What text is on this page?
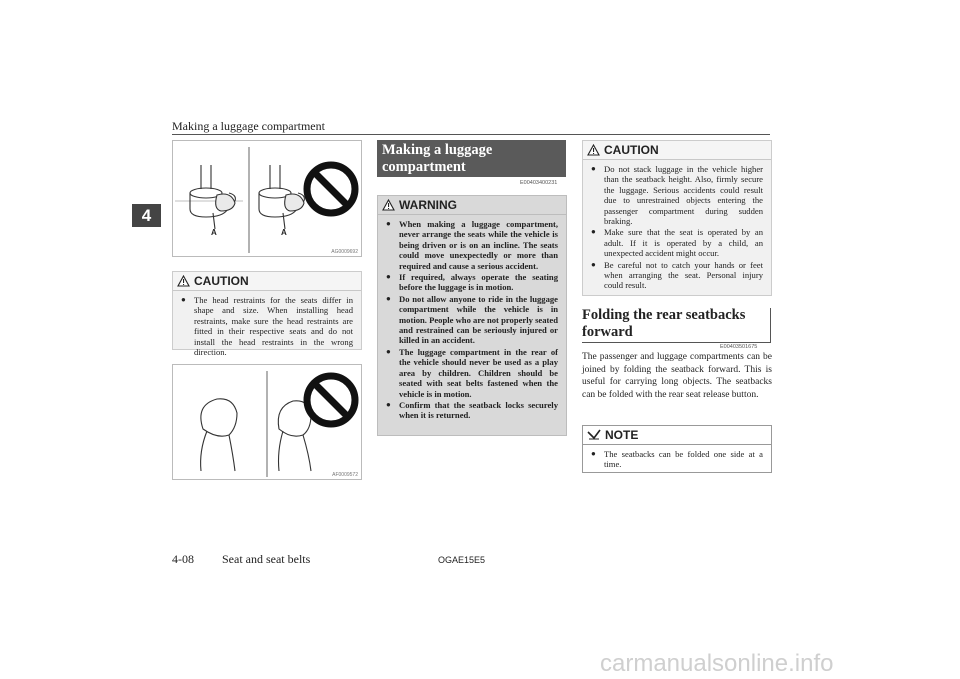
Making a luggage compartment
4
A	A
AG0009692
CAUTION
● The head restraints for the seats differ in shape and size. When installing head restraints, make sure the head restraints are fitted in their respective seats and do not install the head restraints in the wrong direction.
AF0009572
Making a luggage compartment
E00403400231
WARNING
● When making a luggage compartment, never arrange the seats while the vehicle is being driven or is on an incline. The seats could move unexpectedly or more than required and cause a serious accident.
● If required, always operate the seating before the luggage is in motion.
● Do not allow anyone to ride in the luggage compartment while the vehicle is in motion. People who are not properly seated and restrained can be seriously injured or killed in an accident.
● The luggage compartment in the rear of the vehicle should never be used as a play area by children. Children should be seated with seat belts fastened when the vehicle is in motion.
● Confirm that the seatback locks securely when it is returned.
CAUTION
● Do not stack luggage in the vehicle higher than the seatback height. Also, firmly secure the luggage. Serious accidents could result due to unrestrained objects entering the passenger compartment during sudden braking.
● Make sure that the seat is operated by an adult. If it is operated by a child, an unexpected accident might occur.
● Be careful not to catch your hands or feet when arranging the seat. Personal injury could result.
Folding the rear seatbacks forward
E00403501675
The passenger and luggage compartments can be joined by folding the seatback forward. This is useful for carrying long objects. The seatbacks can be folded with the rear seat release button.
NOTE
● The seatbacks can be folded one side at a time.
4-08 Seat and seat belts	OGAE15E5
carmanualsonline.info
